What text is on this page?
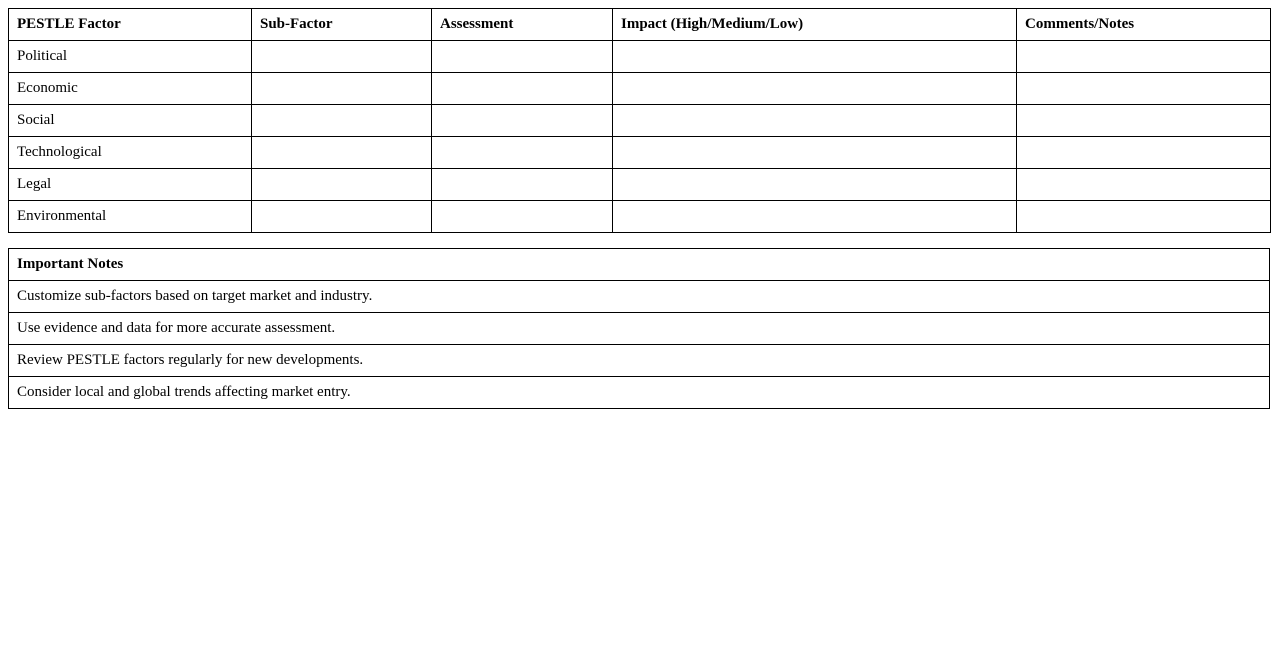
PESTLE Factor	Sub-Factor	Assessment	Impact (High/Medium/Low)	Comments/Notes
Political				
Economic				
Social				
Technological				
Legal				
Environmental				
Important Notes
Customize sub-factors based on target market and industry.
Use evidence and data for more accurate assessment.
Review PESTLE factors regularly for new developments.
Consider local and global trends affecting market entry.
